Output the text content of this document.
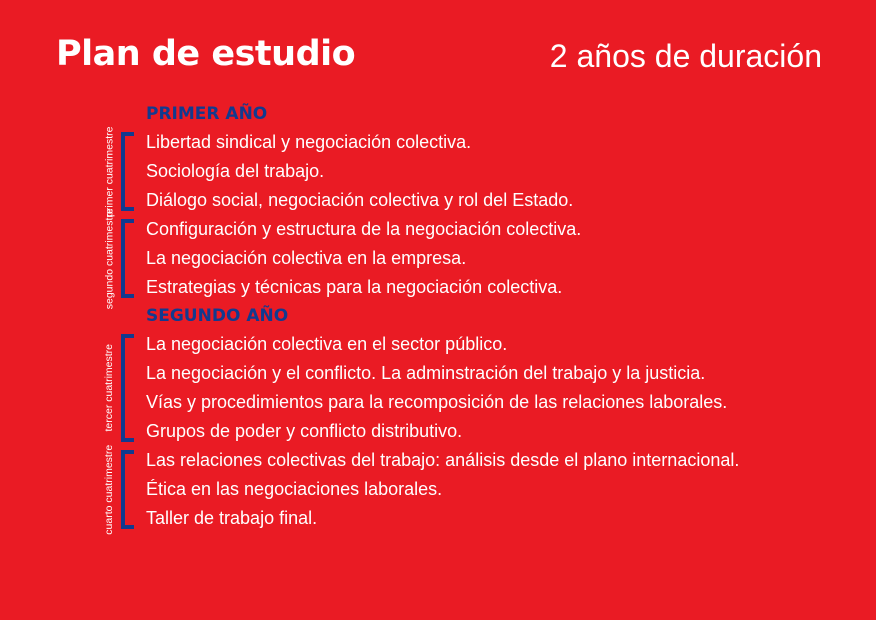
Plan de estudio	2 años de duración
PRIMER AÑO
primer cuatrimestre Libertad sindical y negociación colectiva.
Sociología del trabajo.
Diálogo social, negociación colectiva y rol del Estado.
segundo cuatrimestre Configuración y estructura de la negociación colectiva.
La negociación colectiva en la empresa.
Estrategias y técnicas para la negociación colectiva.
SEGUNDO AÑO
tercer cuatrimestre
La negociación colectiva en el sector público.
La negociación y el conflicto. La adminstración del trabajo y la justicia.
Vías y procedimientos para la recomposición de las relaciones laborales.
Grupos de poder y conflicto distributivo.
cuarto cuatrimestre Las relaciones colectivas del trabajo: análisis desde el plano internacional.
Ética en las negociaciones laborales.
Taller de trabajo final.
